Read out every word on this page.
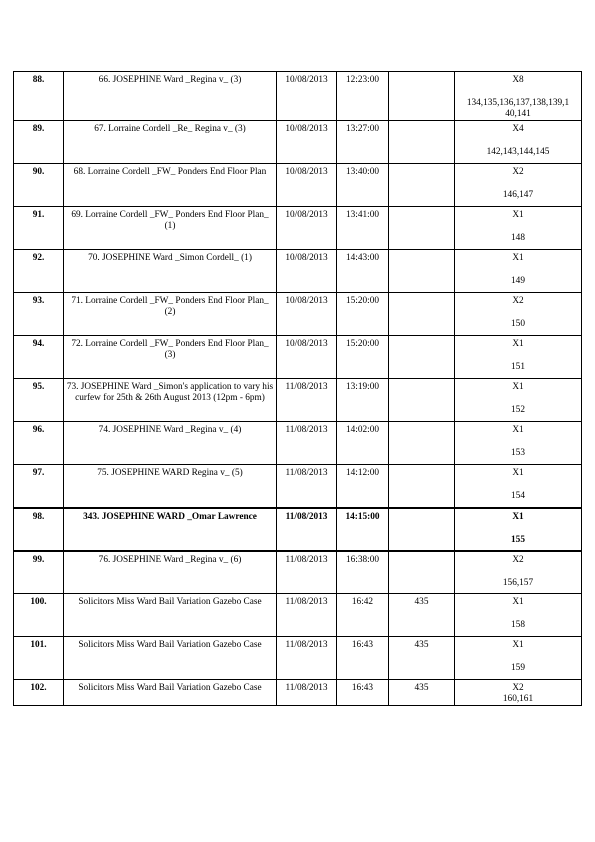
88.	66. JOSEPHINE Ward _Regina v_ (3)	10/08/2013	12:23:00		X8
134,135,136,137,138,139,1 40,141

89.	67. Lorraine Cordell _Re_ Regina v_ (3)	10/08/2013	13:27:00		X4
142,143,144,145

90.	68. Lorraine Cordell _FW_ Ponders End Floor Plan	10/08/2013	13:40:00		X2
146,147

91.	69. Lorraine Cordell _FW_ Ponders End Floor Plan_ (1)	10/08/2013	13:41:00		X1
148

92.	70. JOSEPHINE Ward _Simon Cordell_ (1)	10/08/2013	14:43:00		X1
149

93.	71. Lorraine Cordell _FW_ Ponders End Floor Plan_ (2)	10/08/2013	15:20:00		X2
150

94.	72. Lorraine Cordell _FW_ Ponders End Floor Plan_ (3)	10/08/2013	15:20:00		X1
151

95.	73. JOSEPHINE Ward _Simon's application to vary his curfew for 25th & 26th August 2013 (12pm - 6pm)	11/08/2013	13:19:00		X1
152

96.	74. JOSEPHINE Ward _Regina v_ (4)	11/08/2013	14:02:00		X1
153

97.	75. JOSEPHINE WARD Regina v_ (5)	11/08/2013	14:12:00		X1
154

98.	343. JOSEPHINE WARD _Omar Lawrence	11/08/2013	14:15:00		X1
155

99.	76. JOSEPHINE Ward _Regina v_ (6)	11/08/2013	16:38:00		X2
156,157

100.	Solicitors Miss Ward Bail Variation Gazebo Case	11/08/2013	16:42	435	X1
158

101.	Solicitors Miss Ward Bail Variation Gazebo Case	11/08/2013	16:43	435	X1
159

102.	Solicitors Miss Ward Bail Variation Gazebo Case	11/08/2013	16:43	435	X2
160,161
